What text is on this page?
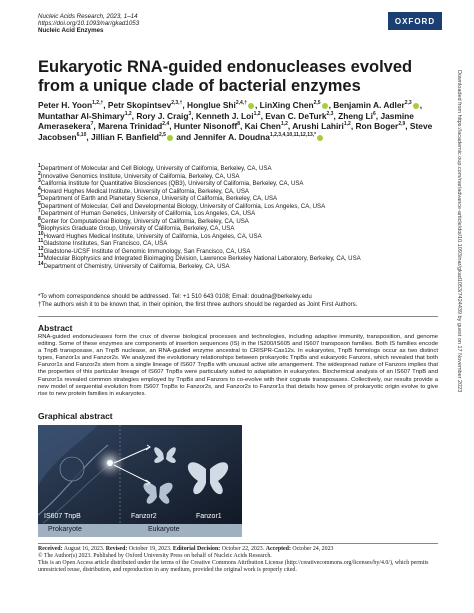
Nucleic Acids Research, 2023, 1–14
https://doi.org/10.1093/nar/gkad1053
Nucleic Acid Enzymes
OXFORD
Eukaryotic RNA-guided endonucleases evolved from a unique clade of bacterial enzymes
Peter H. Yoon$^{1,2,\dagger}$, Petr Skopintsev$^{2,3,\dagger}$, Honglue Shi$^{2,4,\dagger}$ , LinXing Chen$^{2,5}$ , Benjamin A. Adler$^{2,3}$ , Muntathar Al-Shimary$^{1,2}$, Rory J. Craig$^3$, Kenneth J. Loi$^{1,2}$, Evan C. DeTurk$^{2,3}$, Zheng Li$^6$, Jasmine Amerasekera$^7$, Marena Trinidad$^{2,4}$, Hunter Nisonoff$^8$, Kai Chen$^{1,2}$, Arushi Lahiri$^{1,2}$, Ron Boger$^{2,9}$, Steve Jacobsen$^{6,10}$, Jillian F. Banfield$^{2,5}$ and Jennifer A. Doudna$^{1,2,3,4,10,11,12,13,*}$
$^1$Department of Molecular and Cell Biology, University of California, Berkeley, CA, USA
$^2$Innovative Genomics Institute, University of California, Berkeley, CA, USA
$^3$California Institute for Quantitative Biosciences (QB3), University of California, Berkeley, CA, USA
$^4$Howard Hughes Medical Institute, University of California, Berkeley, CA, USA
$^5$Department of Earth and Planetary Science, University of California, Berkeley, CA, USA
$^6$Department of Molecular, Cell and Developmental Biology, University of California, Los Angeles, CA, USA
$^7$Department of Human Genetics, University of California, Los Angeles, CA, USA
$^8$Center for Computational Biology, University of California, Berkeley, CA, USA
$^9$Biophysics Graduate Group, University of California, Berkeley, CA, USA
$^{10}$Howard Hughes Medical Institute, University of California, Los Angeles, CA, USA
$^{11}$Gladstone Institutes, San Francisco, CA, USA
$^{12}$Gladstone-UCSF Institute of Genomic Immunology, San Francisco, CA, USA
$^{13}$Molecular Biophysics and Integrated Bioimaging Division, Lawrence Berkeley National Laboratory, Berkeley, CA, USA
$^{14}$Department of Chemistry, University of California, Berkeley, CA, USA
*To whom correspondence should be addressed. Tel: +1 510 643 0108; Email: doudna@berkeley.edu
†The authors wish it to be known that, in their opinion, the first three authors should be regarded as Joint First Authors.
Abstract
RNA-guided endonucleases form the crux of diverse biological processes and technologies, including adaptive immunity, transposition, and genome editing. Some of these enzymes are components of insertion sequences (IS) in the IS200/IS605 and IS607 transposon families. Both IS families encode a TnpB transposase, an TnpB nuclease, an RNA-guided enzyme ancestral to CRISPR-Cas12s. In eukaryotes, TnpB homologs occur as two distinct types, Fanzor1s and Fanzor2s. We analyzed the evolutionary relationships between prokaryotic TnpBs and eukaryotic Fanzors, which revealed that both Fanzor1s and Fanzor2s stem from a single lineage of IS607 TnpBs with unusual active site arrangement. The widespread nature of Fanzors implies that the properties of this particular lineage of IS607 TnpBs were particularly suited to adaptation in eukaryotes. Biochemical analysis of an IS607 TnpB and Fanzor1s revealed common strategies employed by TnpBs and Fanzors to co-evolve with their cognate transposases. Collectively, our results provide a new model of sequential evolution from IS607 TnpBs to Fanzor2s, and Fanzor2s to Fanzor1s that details how genes of prokaryotic origin evolve to give rise to new protein families in eukaryotes.
Graphical abstract
IS607 TnpB	Fanzor2	Fanzor1
Prokaryote	Eukaryote
Received: August 16, 2023. Revised: October 19, 2023. Editorial Decision: October 22, 2023. Accepted: October 24, 2023
© The Author(s) 2023. Published by Oxford University Press on behalf of Nucleic Acids Research.
This is an Open Access article distributed under the terms of the Creative Commons Attribution License (http://creativecommons.org/licenses/by/4.0/), which permits unrestricted reuse, distribution, and reproduction in any medium, provided the original work is properly cited.
Downloaded from https://academic.oup.com/nar/advance-article/doi/10.1093/nar/gkad1053/7424439 by guest on 17 November 2023
